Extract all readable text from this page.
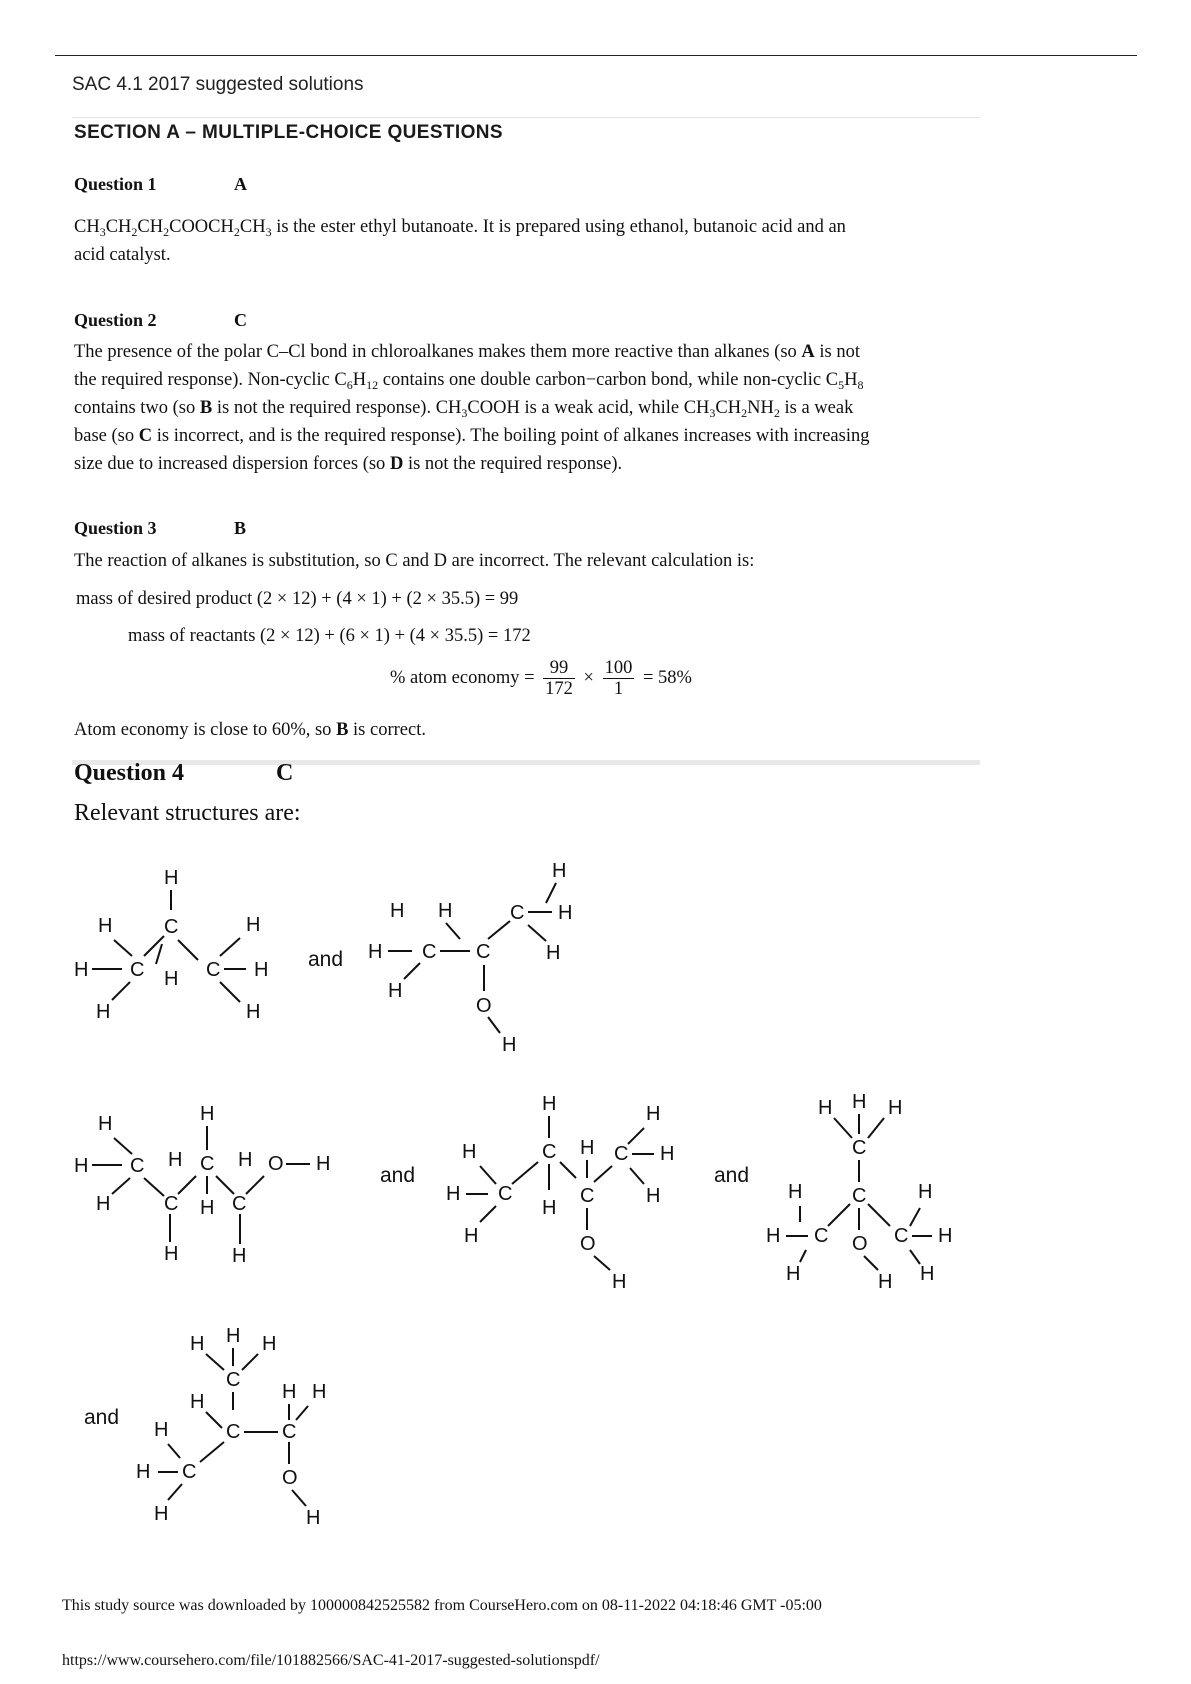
SAC 4.1 2017 suggested solutions
SECTION A – MULTIPLE-CHOICE QUESTIONS
Question 1	A
$CH_3CH_2CH_2COOCH_2CH_3$ is the ester ethyl butanoate. It is prepared using ethanol, butanoic acid and an
acid catalyst.
Question 2	C
The presence of the polar C–Cl bond in chloroalkanes makes them more reactive than alkanes (so A is not
the required response). Non-cyclic $C_6H_{12}$ contains one double carbon−carbon bond, while non-cyclic $C_5H_8$
contains two (so B is not the required response). $CH_3COOH$ is a weak acid, while $CH_3CH_2NH_2$ is a weak
base (so C is incorrect, and is the required response). The boiling point of alkanes increases with increasing
size due to increased dispersion forces (so D is not the required response).
Question 3	B
The reaction of alkanes is substitution, so C and D are incorrect. The relevant calculation is:
mass of desired product (2 × 12) + (4 × 1) + (2 × 35.5) = 99
mass of reactants (2 × 12) + (6 × 1) + (4 × 35.5) = 172
% atom economy = $\frac{99}{172} \times \frac{100}{1} = 58\%$
Atom economy is close to 60%, so B is correct.
Question 4	C
Relevant structures are:
H
C
H	H
H C H C H
H	H
and
H
C H
H
H H
H C C
H
O
H
H
H C
H
H
C
H
H
C
H
H
C
H
O H and
H
C
H
H C
H
H
H
C
C H
H
H
O
H
and
H H H
C
C
H
H C
H
O
H
C H
H
H
and
H H H
C
H
C C
H H
O
H
H
H C
H
This study source was downloaded by 100000842525582 from CourseHero.com on 08-11-2022 04:18:46 GMT -05:00
https://www.coursehero.com/file/101882566/SAC-41-2017-suggested-solutionspdf/
